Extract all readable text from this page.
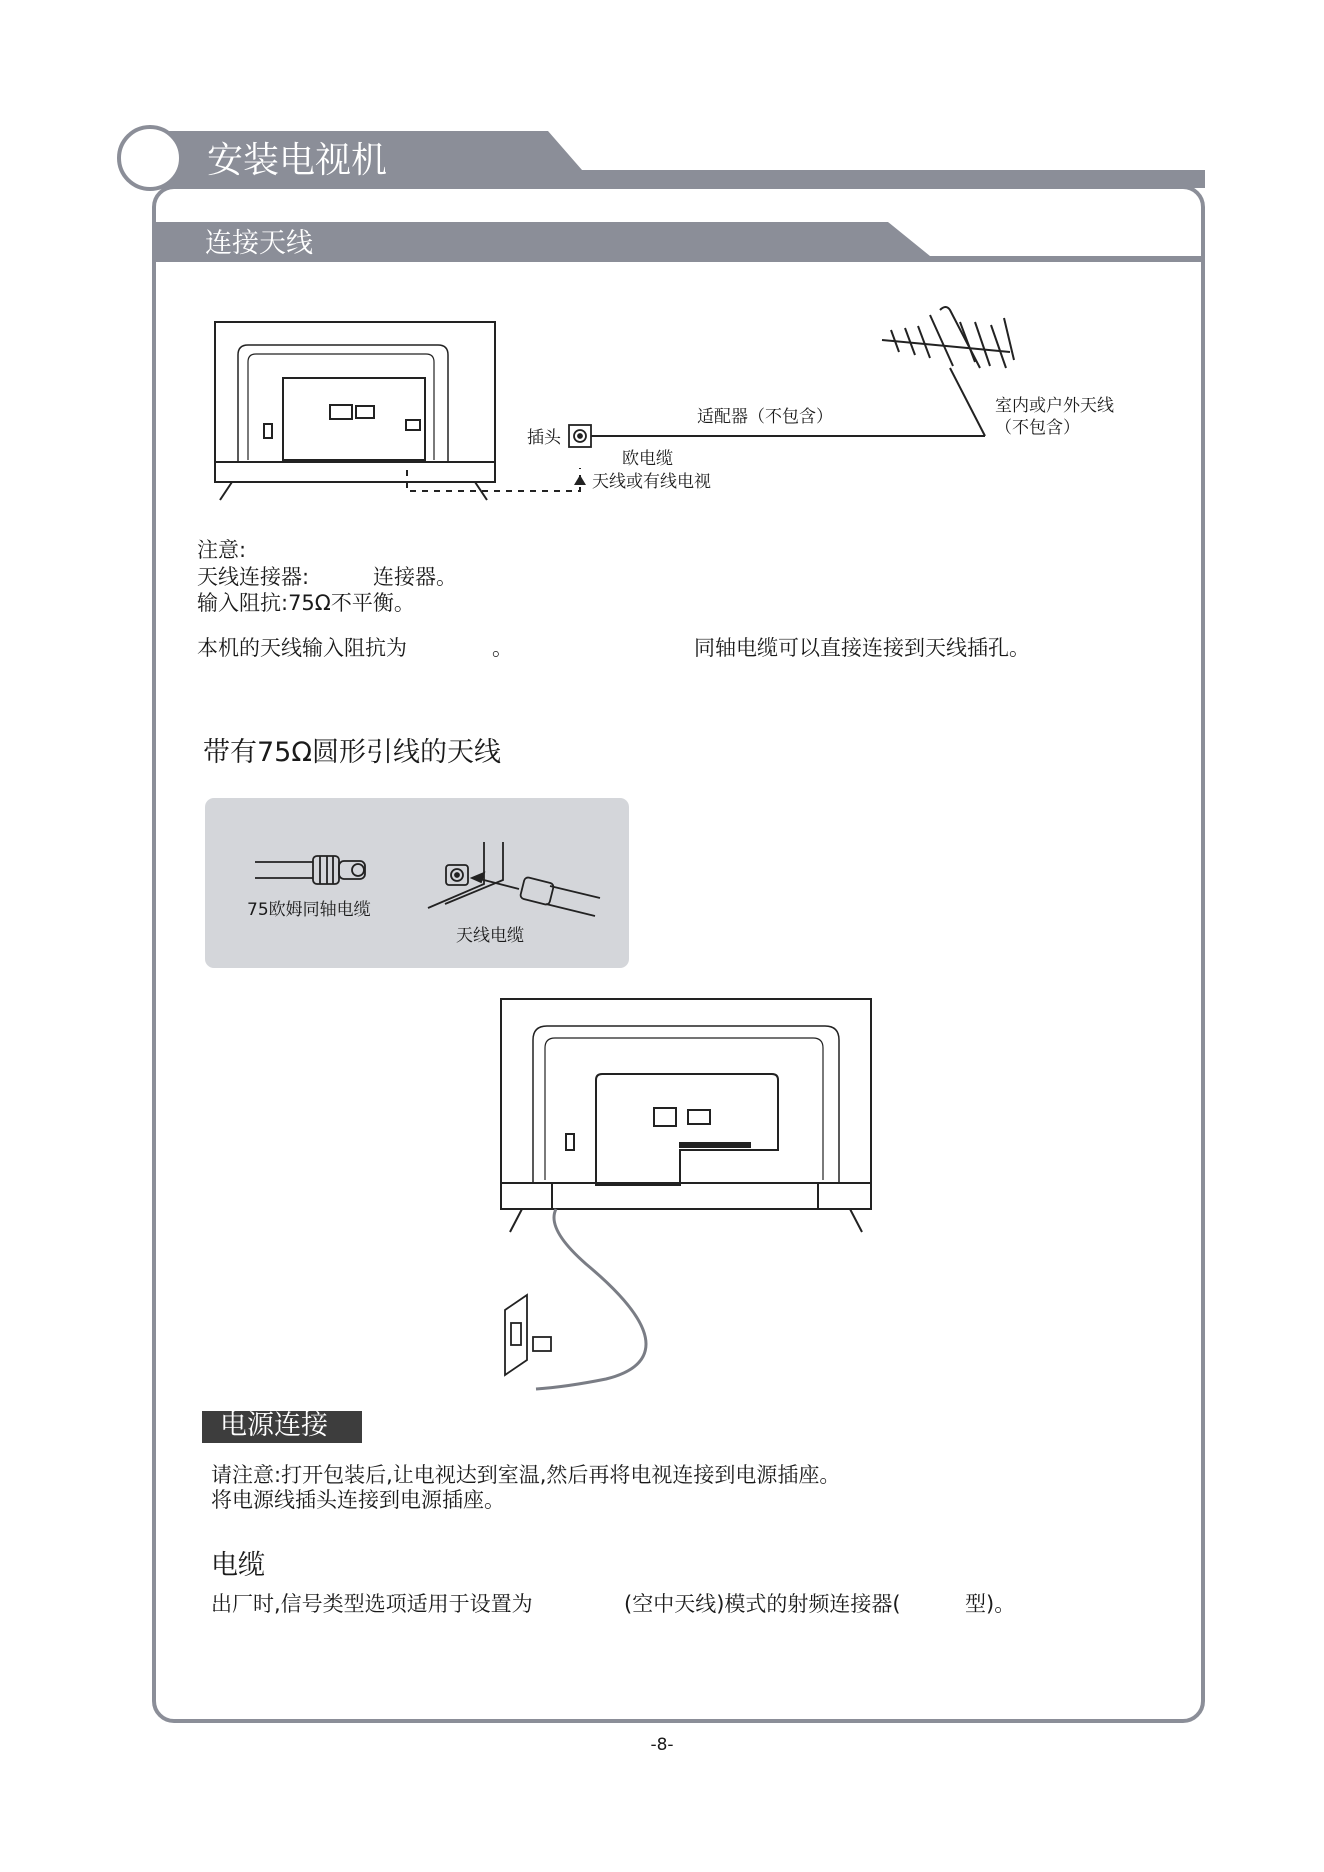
安装电视机
连接天线
插头
适配器（不包含）
室内或户外天线
（不包含）
欧电缆
天线或有线电视
注意:
天线连接器:	连接器。
输入阻抗:75Ω不平衡。
本机的天线输入阻抗为	。	同轴电缆可以直接连接到天线插孔。
带有75Ω圆形引线的天线
75欧姆同轴电缆
天线电缆
电源连接
请注意:打开包装后,让电视达到室温,然后再将电视连接到电源插座。
将电源线插头连接到电源插座。
电缆
出厂时,信号类型选项适用于设置为	(空中天线)模式的射频连接器(	型)。
-8-
